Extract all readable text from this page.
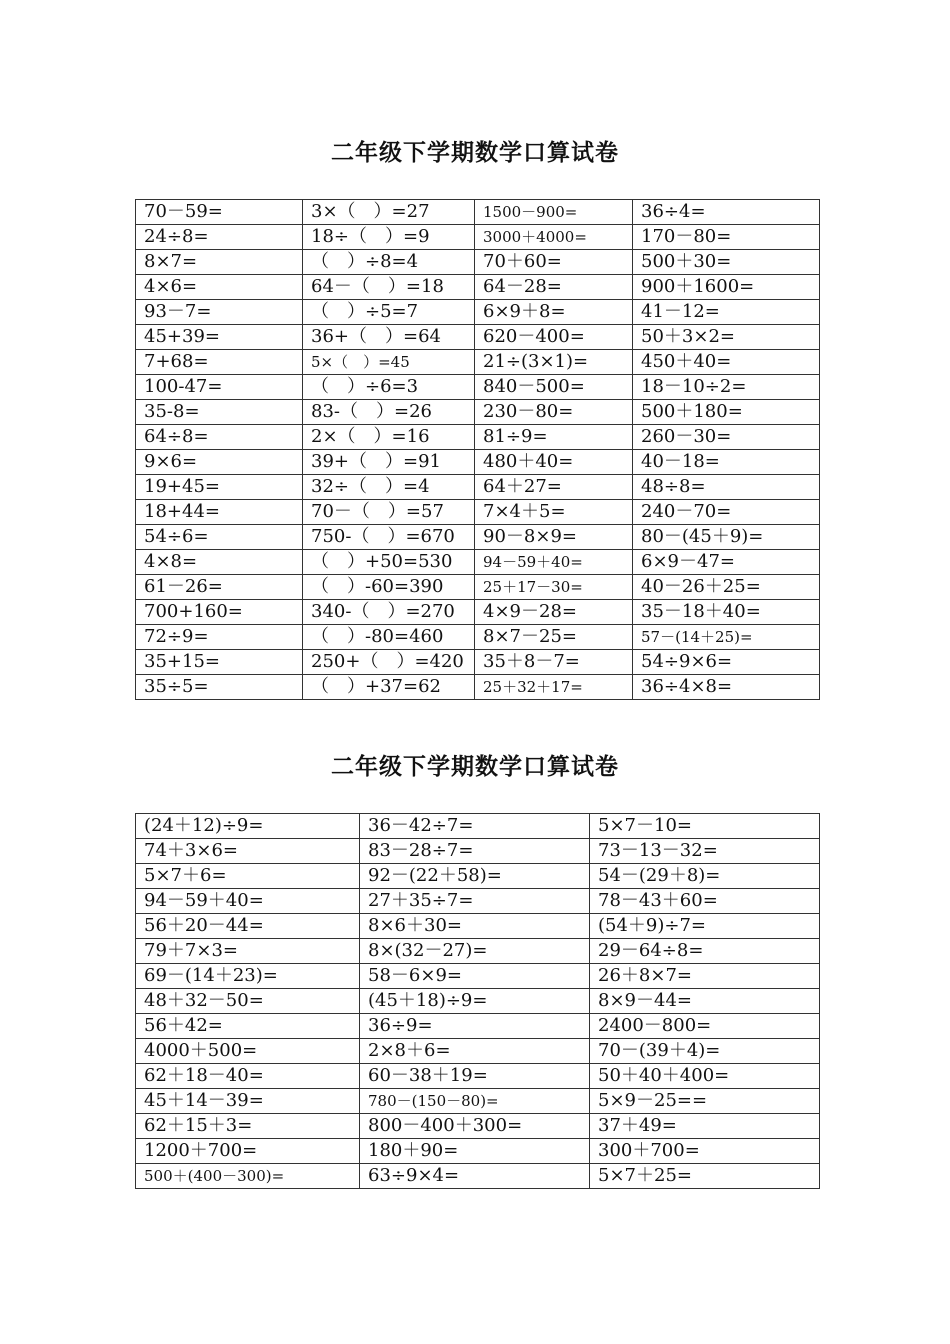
二年级下学期数学口算试卷
70－59=	3×（　）=27	1500－900=	36÷4=
24÷8=	18÷（　）=9	3000＋4000=	170－80=
8×7=	（　）÷8=4	70＋60=	500＋30=
4×6=	64－（　）=18	64－28=	900＋1600=
93－7=	（　）÷5=7	6×9＋8=	41－12=
45+39=	36+（　）=64	620－400=	50＋3×2=
7+68=	5×（　）=45	21÷(3×1)=	450＋40=
100-47=	（　）÷6=3	840－500=	18－10÷2=
35-8=	83-（　）=26	230－80=	500＋180=
64÷8=	2×（　）=16	81÷9=	260－30=
9×6=	39+（　）=91	480＋40=	40－18=
19+45=	32÷（　）=4	64＋27=	48÷8=
18+44=	70－（　）=57	7×4＋5=	240－70=
54÷6=	750-（　）=670	90－8×9=	80－(45＋9)=
4×8=	（　）+50=530	94－59＋40=	6×9－47=
61－26=	（　）-60=390	25＋17－30=	40－26＋25=
700+160=	340-（　）=270	4×9－28=	35－18＋40=
72÷9=	（　）-80=460	8×7－25=	57－(14＋25)=
35+15=	250+（　）=420	35＋8－7=	54÷9×6=
35÷5=	（　）+37=62	25＋32＋17=	36÷4×8=
二年级下学期数学口算试卷
(24＋12)÷9=	36－42÷7=	5×7－10=
74＋3×6=	83－28÷7=	73－13－32=
5×7＋6=	92－(22＋58)=	54－(29＋8)=
94－59＋40=	27＋35÷7=	78－43＋60=
56＋20－44=	8×6＋30=	(54＋9)÷7=
79＋7×3=	8×(32－27)=	29－64÷8=
69－(14＋23)=	58－6×9=	26＋8×7=
48＋32－50=	(45＋18)÷9=	8×9－44=
56＋42=	36÷9=	2400－800=
4000＋500=	2×8＋6=	70－(39＋4)=
62＋18－40=	60－38＋19=	50＋40＋400=
45＋14－39=	780－(150－80)=	5×9－25==
62＋15＋3=	800－400＋300=	37＋49=
1200＋700=	180＋90=	300＋700=
500＋(400－300)=	63÷9×4=	5×7＋25=
